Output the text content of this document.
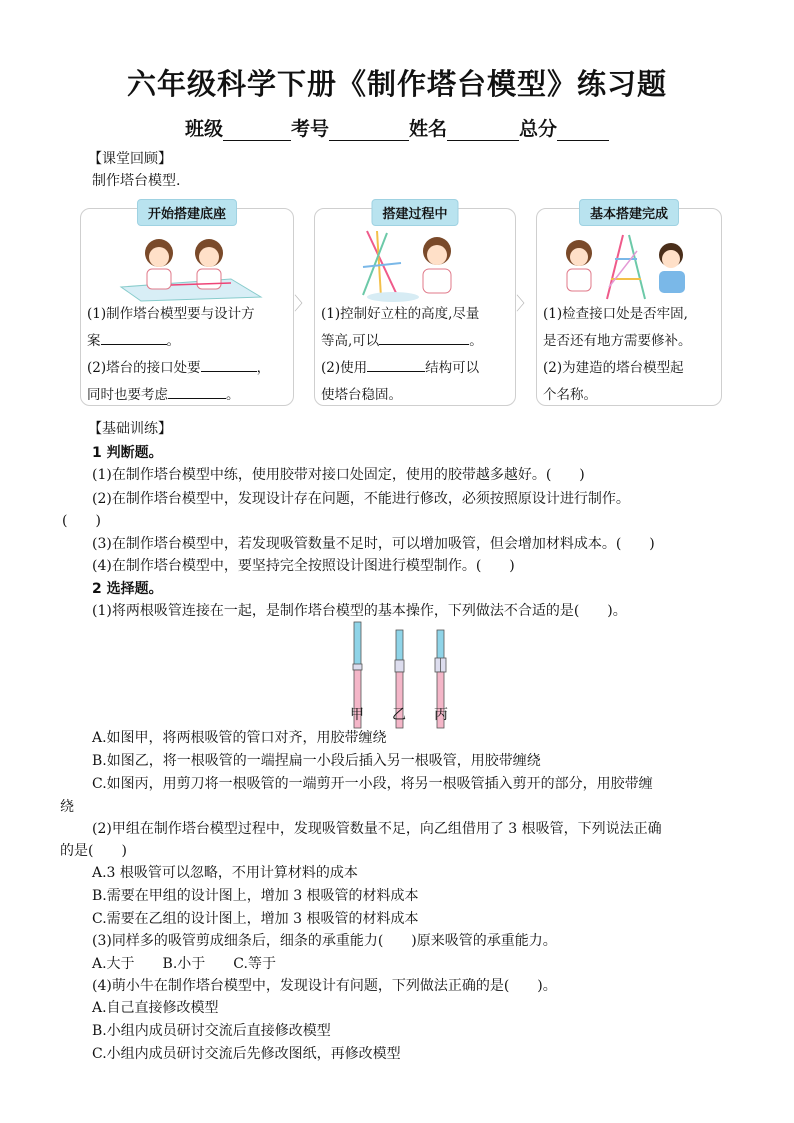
六年级科学下册《制作塔台模型》练习题
班级	考号	姓名	总分
【课堂回顾】
制作塔台模型.
开始搭建底座
(1)制作塔台模型要与设计方
案	。
(2)塔台的接口处要	，
同时也要考虑	。
〉
搭建过程中
(1)控制好立柱的高度,尽量
等高,可以	。
(2)使用	结构可以
使塔台稳固。
〉
基本搭建完成
(1)检查接口处是否牢固,
是否还有地方需要修补。
(2)为建造的塔台模型起
个名称。
【基础训练】
1 判断题。
(1)在制作塔台模型中练，使用胶带对接口处固定，使用的胶带越多越好。(　　)
(2)在制作塔台模型中，发现设计存在问题，不能进行修改，必须按照原设计进行制作。
(　　)
(3)在制作塔台模型中，若发现吸管数量不足时，可以增加吸管，但会增加材料成本。(　　)
(4)在制作塔台模型中，要坚持完全按照设计图进行模型制作。(　　)
2 选择题。
(1)将两根吸管连接在一起，是制作塔台模型的基本操作，下列做法不合适的是(　　)。
甲 乙 丙
A.如图甲，将两根吸管的管口对齐，用胶带缠绕
B.如图乙，将一根吸管的一端捏扁一小段后插入另一根吸管，用胶带缠绕
C.如图丙，用剪刀将一根吸管的一端剪开一小段，将另一根吸管插入剪开的部分，用胶带缠
绕
(2)甲组在制作塔台模型过程中，发现吸管数量不足，向乙组借用了 3 根吸管，下列说法正确
的是(　　)
A.3 根吸管可以忽略，不用计算材料的成本
B.需要在甲组的设计图上，增加 3 根吸管的材料成本
C.需要在乙组的设计图上，增加 3 根吸管的材料成本
(3)同样多的吸管剪成细条后，细条的承重能力(　　)原来吸管的承重能力。
A.大于　　B.小于　　C.等于
(4)萌小牛在制作塔台模型中，发现设计有问题，下列做法正确的是(　　)。
A.自己直接修改模型
B.小组内成员研讨交流后直接修改模型
C.小组内成员研讨交流后先修改图纸，再修改模型
